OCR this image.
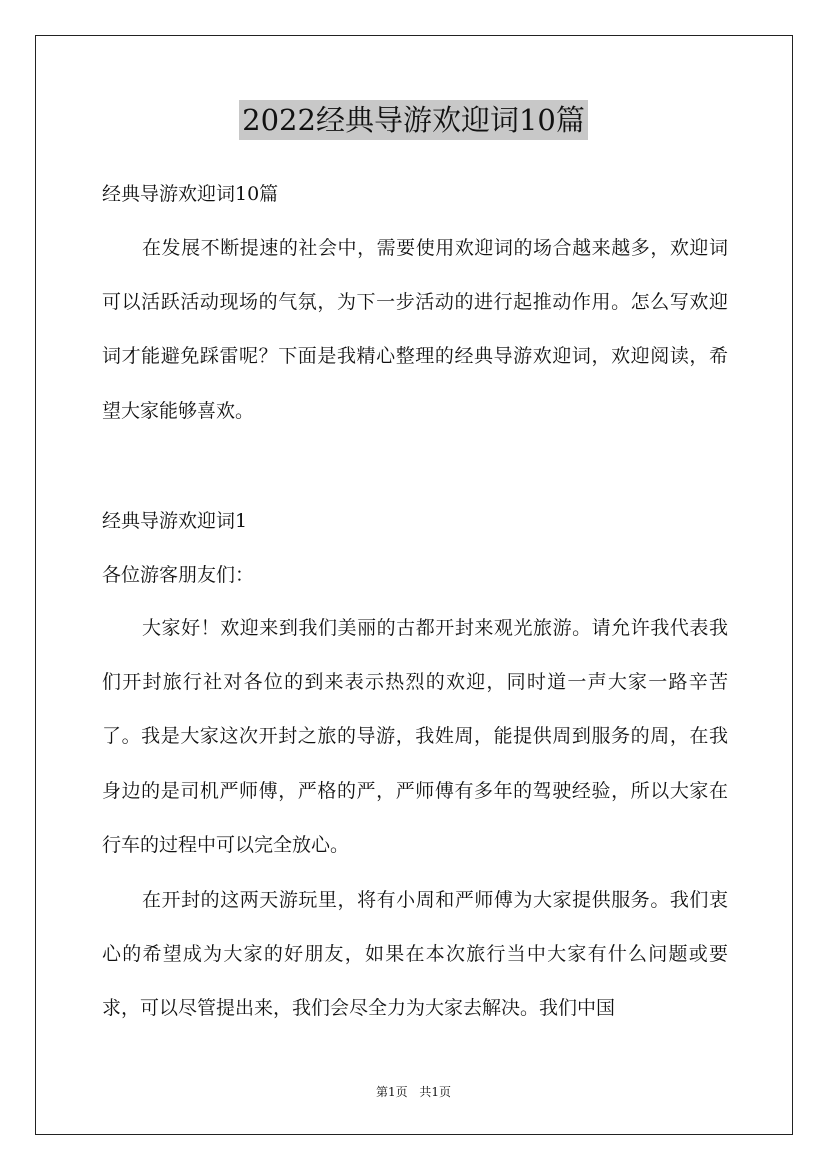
2022经典导游欢迎词10篇
经典导游欢迎词10篇

在发展不断提速的社会中，需要使用欢迎词的场合越来越多，欢迎词可以活跃活动现场的气氛，为下一步活动的进行起推动作用。怎么写欢迎词才能避免踩雷呢？下面是我精心整理的经典导游欢迎词，欢迎阅读，希望大家能够喜欢。

经典导游欢迎词1
各位游客朋友们：

大家好！欢迎来到我们美丽的古都开封来观光旅游。请允许我代表我们开封旅行社对各位的到来表示热烈的欢迎，同时道一声大家一路辛苦了。我是大家这次开封之旅的导游，我姓周，能提供周到服务的周，在我身边的是司机严师傅，严格的严，严师傅有多年的驾驶经验，所以大家在行车的过程中可以完全放心。

在开封的这两天游玩里，将有小周和严师傅为大家提供服务。我们衷心的希望成为大家的好朋友，如果在本次旅行当中大家有什么问题或要求，可以尽管提出来，我们会尽全力为大家去解决。我们中国

第1页 共1页
